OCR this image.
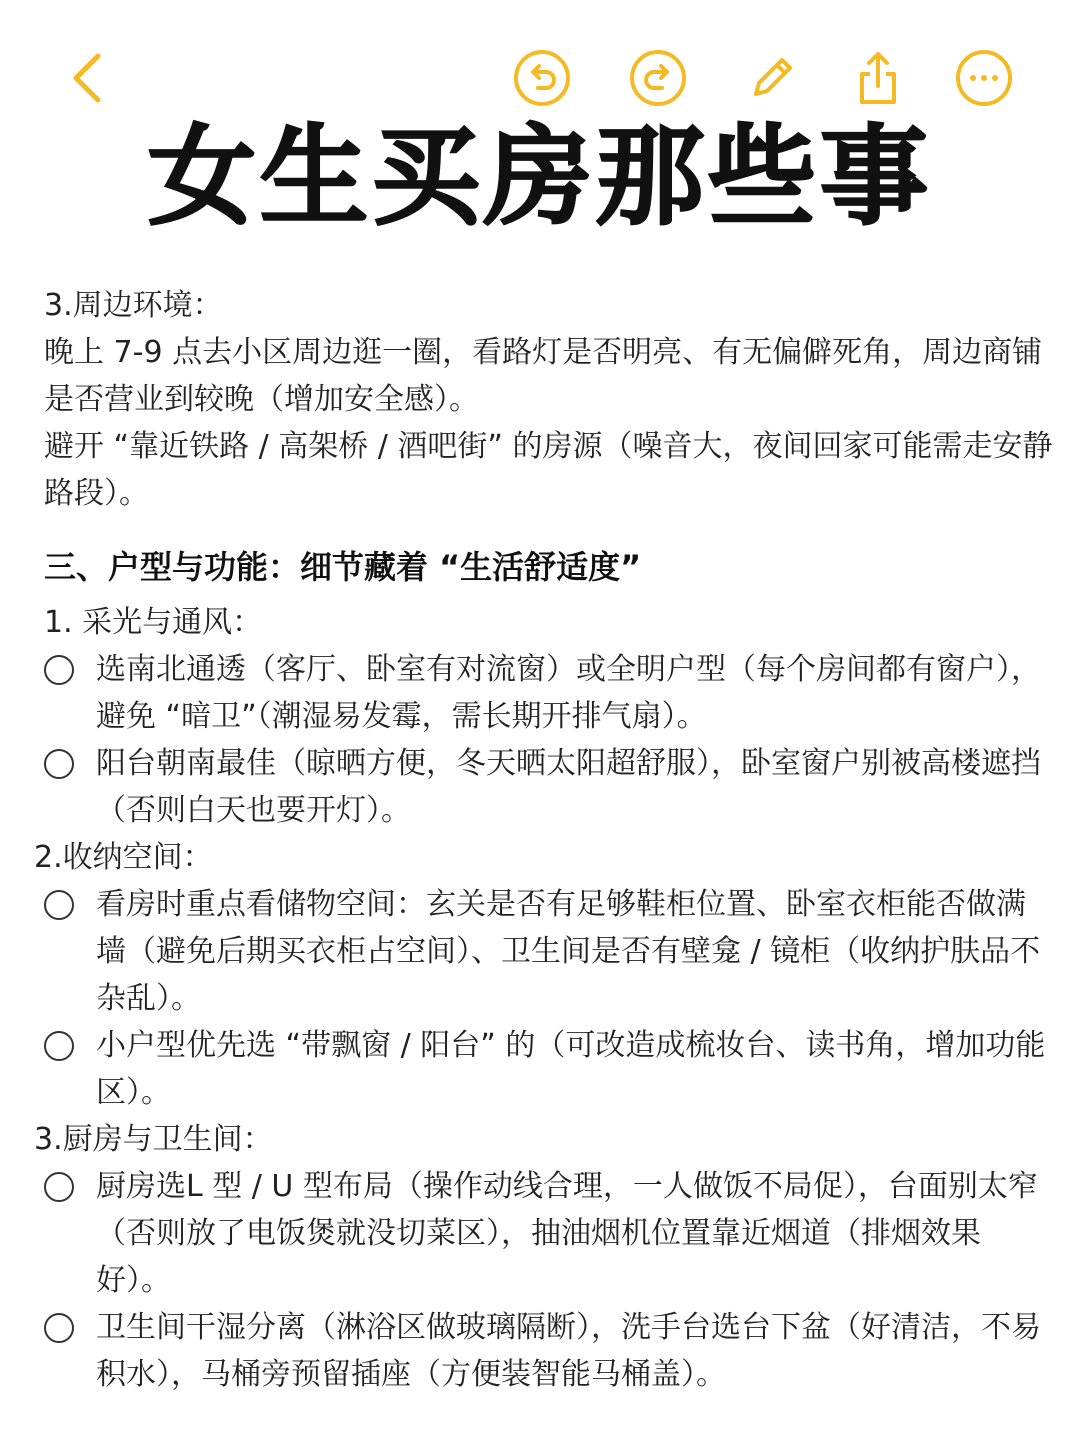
女生买房那些事

3.周边环境：

晚上 7-9 点去小区周边逛一圈，看路灯是否明亮、有无偏僻死角，周边商铺是否营业到较晚（增加安全感）。

避开 “靠近铁路 / 高架桥 / 酒吧街” 的房源（噪音大，夜间回家可能需走安静路段）。

三、户型与功能：细节藏着 “生活舒适度”

1. 采光与通风：

选南北通透（客厅、卧室有对流窗）或全明户型（每个房间都有窗户），避免 “暗卫”（潮湿易发霉，需长期开排气扇）。
阳台朝南最佳（晾晒方便，冬天晒太阳超舒服），卧室窗户别被高楼遮挡（否则白天也要开灯）。

2.收纳空间：

看房时重点看储物空间：玄关是否有足够鞋柜位置、卧室衣柜能否做满墙（避免后期买衣柜占空间）、卫生间是否有壁龛 / 镜柜（收纳护肤品不杂乱）。
小户型优先选 “带飘窗 / 阳台” 的（可改造成梳妆台、读书角，增加功能区）。

3.厨房与卫生间：

厨房选L 型 / U 型布局（操作动线合理，一人做饭不局促），台面别太窄（否则放了电饭煲就没切菜区），抽油烟机位置靠近烟道（排烟效果好）。
卫生间干湿分离（淋浴区做玻璃隔断），洗手台选台下盆（好清洁，不易积水），马桶旁预留插座（方便装智能马桶盖）。
